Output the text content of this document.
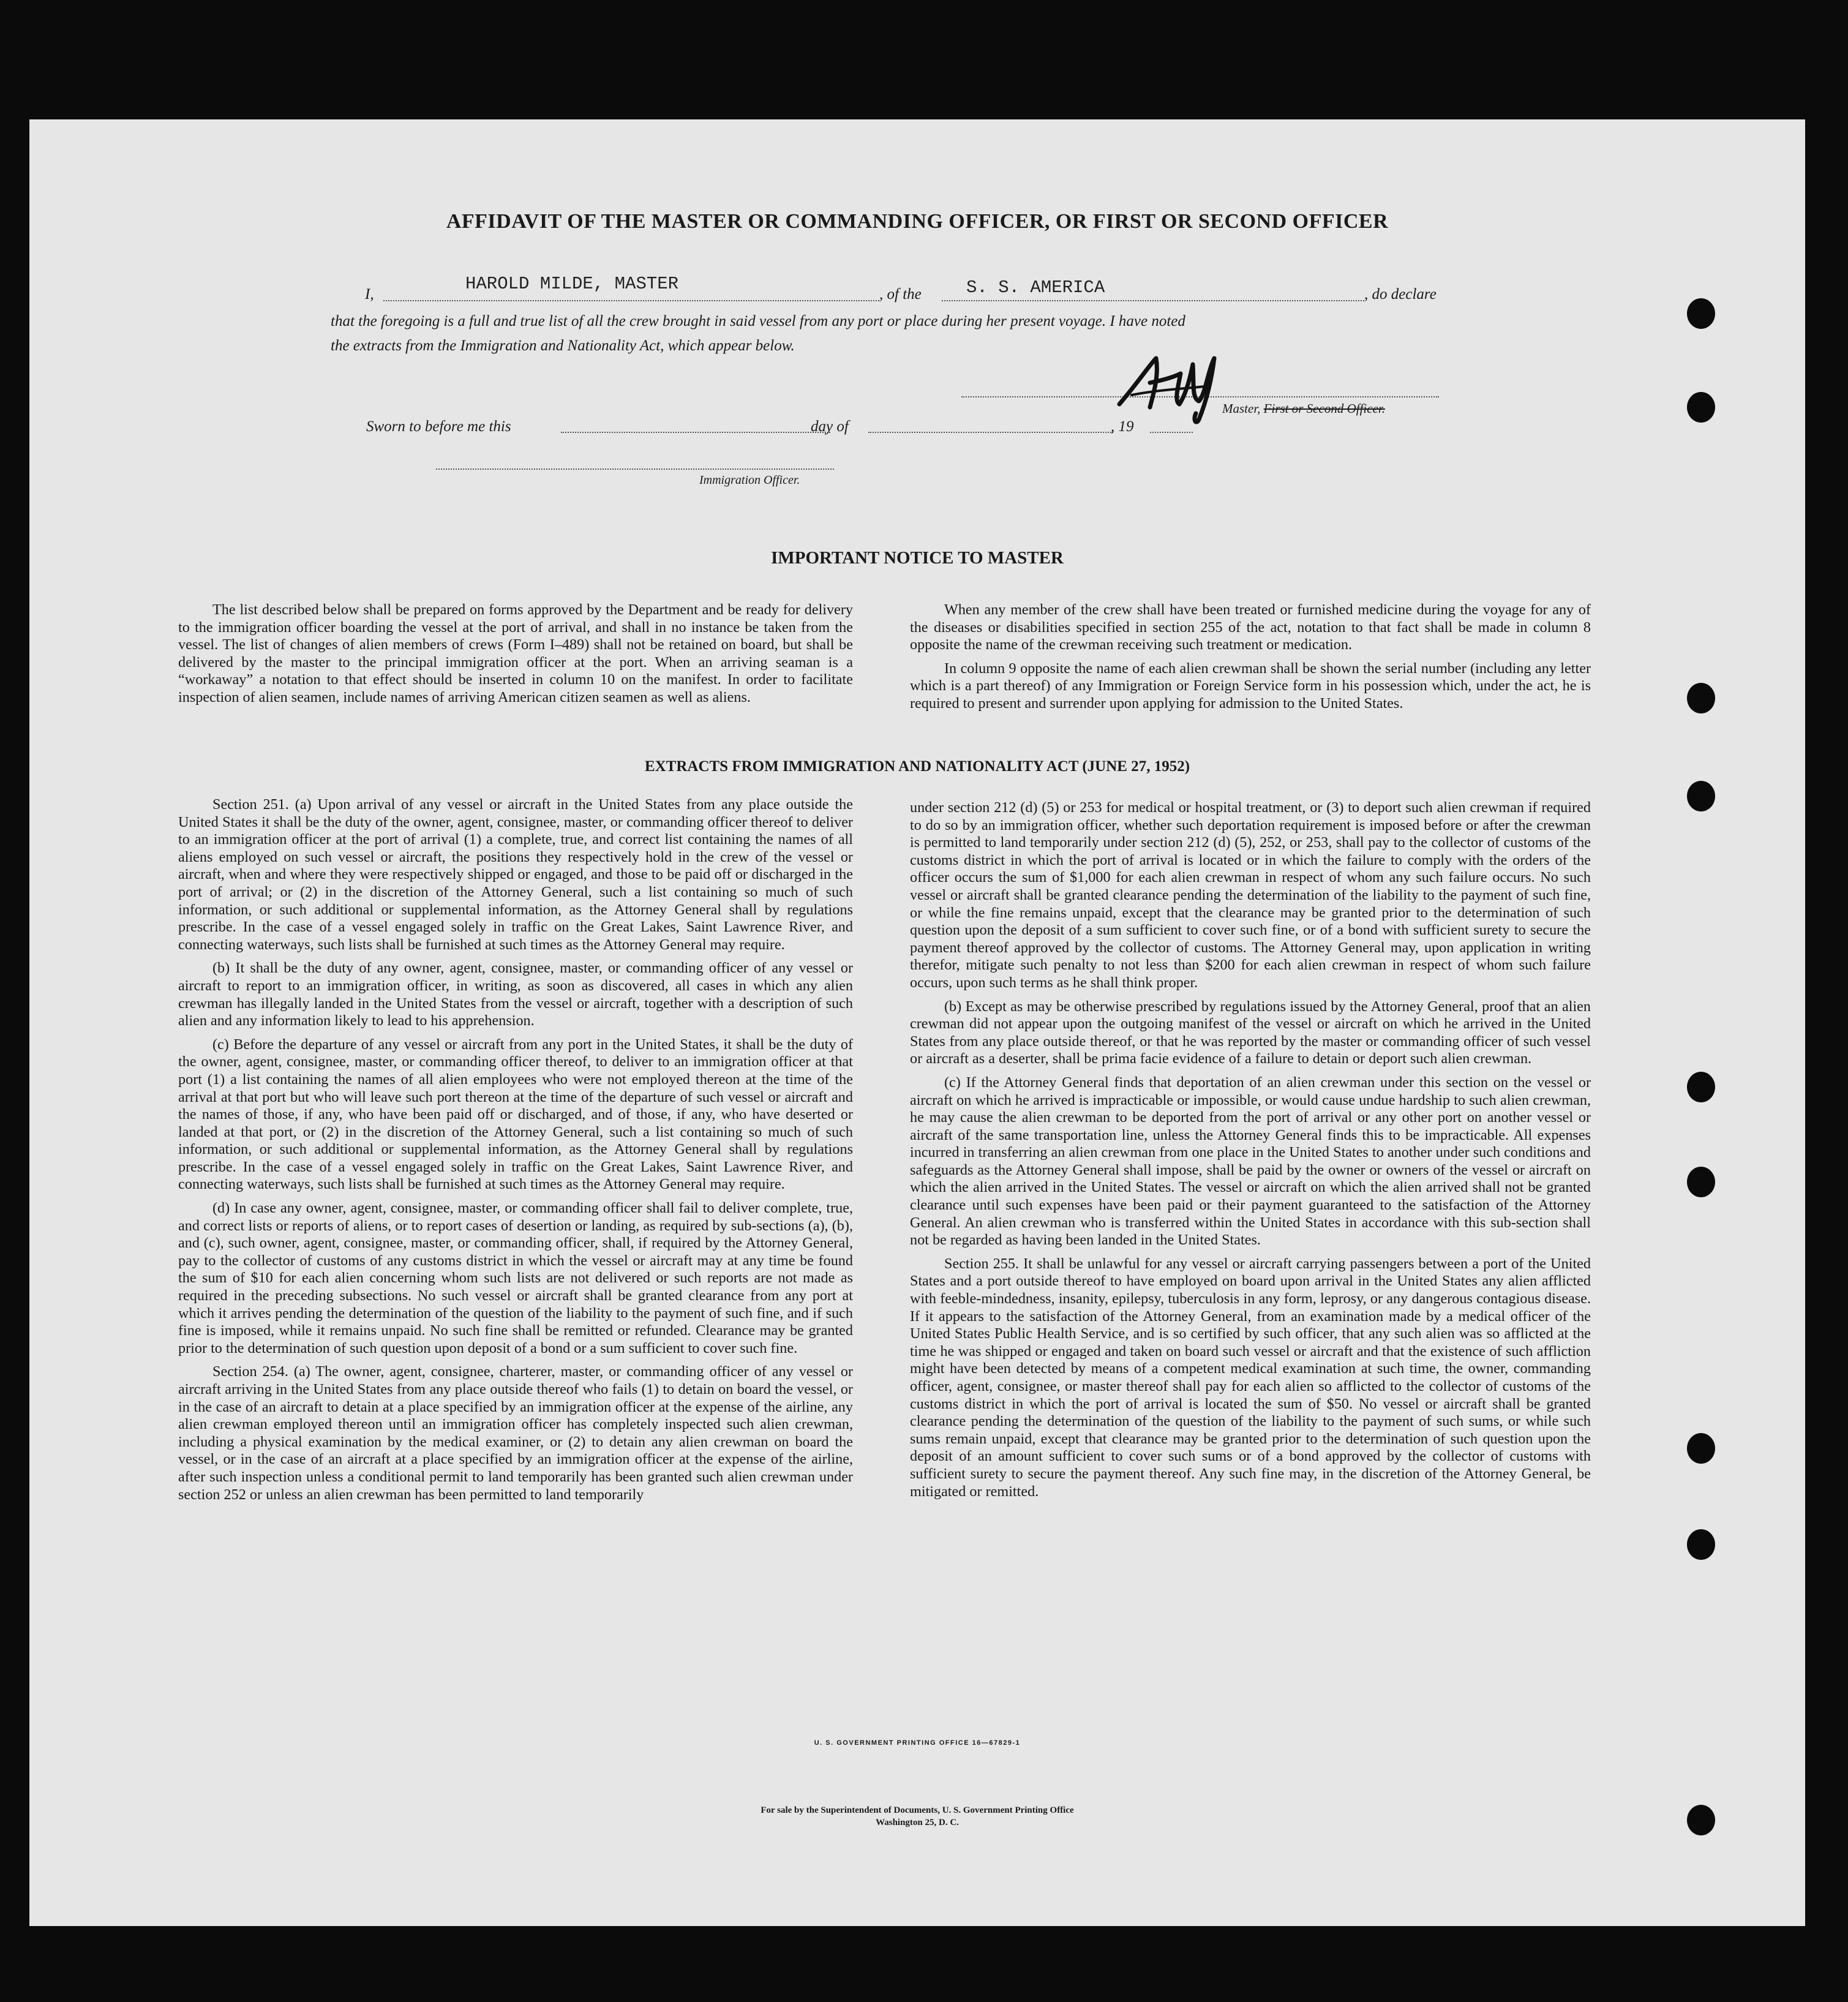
AFFIDAVIT OF THE MASTER OR COMMANDING OFFICER, OR FIRST OR SECOND OFFICER
I,
HAROLD MILDE, MASTER
, of the	S. S. AMERICA	, do declare
that the foregoing is a full and true list of all the crew brought in said vessel from any port or place during her present voyage. I have noted
the extracts from the Immigration and Nationality Act, which appear below.
Master, First or Second Officer.
Sworn to before me this	day of	, 19
Immigration Officer.
IMPORTANT NOTICE TO MASTER

The list described below shall be prepared on forms approved by the Department and be ready for delivery to the immigration officer boarding the vessel at the port of arrival, and shall in no instance be taken from the vessel. The list of changes of alien members of crews (Form I–489) shall not be retained on board, but shall be delivered by the master to the principal immigration officer at the port. When an arriving seaman is a “workaway” a notation to that effect should be inserted in column 10 on the manifest. In order to facilitate inspection of alien seamen, include names of arriving American citizen seamen as well as aliens.

When any member of the crew shall have been treated or furnished medicine during the voyage for any of the diseases or disabilities specified in section 255 of the act, notation to that fact shall be made in column 8 opposite the name of the crewman receiving such treatment or medication.

In column 9 opposite the name of each alien crewman shall be shown the serial number (including any letter which is a part thereof) of any Immigration or Foreign Service form in his possession which, under the act, he is required to present and surrender upon applying for admission to the United States.

EXTRACTS FROM IMMIGRATION AND NATIONALITY ACT (JUNE 27, 1952)

Section 251. (a) Upon arrival of any vessel or aircraft in the United States from any place outside the United States it shall be the duty of the owner, agent, consignee, master, or commanding officer thereof to deliver to an immigration officer at the port of arrival (1) a complete, true, and correct list containing the names of all aliens employed on such vessel or aircraft, the positions they respectively hold in the crew of the vessel or aircraft, when and where they were respectively shipped or engaged, and those to be paid off or discharged in the port of arrival; or (2) in the discretion of the Attorney General, such a list containing so much of such information, or such additional or supplemental information, as the Attorney General shall by regulations prescribe. In the case of a vessel engaged solely in traffic on the Great Lakes, Saint Lawrence River, and connecting waterways, such lists shall be furnished at such times as the Attorney General may require.

(b) It shall be the duty of any owner, agent, consignee, master, or commanding officer of any vessel or aircraft to report to an immigration officer, in writing, as soon as discovered, all cases in which any alien crewman has illegally landed in the United States from the vessel or aircraft, together with a description of such alien and any information likely to lead to his apprehension.

(c) Before the departure of any vessel or aircraft from any port in the United States, it shall be the duty of the owner, agent, consignee, master, or commanding officer thereof, to deliver to an immigration officer at that port (1) a list containing the names of all alien employees who were not employed thereon at the time of the arrival at that port but who will leave such port thereon at the time of the departure of such vessel or aircraft and the names of those, if any, who have been paid off or discharged, and of those, if any, who have deserted or landed at that port, or (2) in the discretion of the Attorney General, such a list containing so much of such information, or such additional or supplemental information, as the Attorney General shall by regulations prescribe. In the case of a vessel engaged solely in traffic on the Great Lakes, Saint Lawrence River, and connecting waterways, such lists shall be furnished at such times as the Attorney General may require.

(d) In case any owner, agent, consignee, master, or commanding officer shall fail to deliver complete, true, and correct lists or reports of aliens, or to report cases of desertion or landing, as required by sub-sections (a), (b), and (c), such owner, agent, consignee, master, or commanding officer, shall, if required by the Attorney General, pay to the collector of customs of any customs district in which the vessel or aircraft may at any time be found the sum of $10 for each alien concerning whom such lists are not delivered or such reports are not made as required in the preceding subsections. No such vessel or aircraft shall be granted clearance from any port at which it arrives pending the determination of the question of the liability to the payment of such fine, and if such fine is imposed, while it remains unpaid. No such fine shall be remitted or refunded. Clearance may be granted prior to the determination of such question upon deposit of a bond or a sum sufficient to cover such fine.

Section 254. (a) The owner, agent, consignee, charterer, master, or commanding officer of any vessel or aircraft arriving in the United States from any place outside thereof who fails (1) to detain on board the vessel, or in the case of an aircraft to detain at a place specified by an immigration officer at the expense of the airline, any alien crewman employed thereon until an immigration officer has completely inspected such alien crewman, including a physical examination by the medical examiner, or (2) to detain any alien crewman on board the vessel, or in the case of an aircraft at a place specified by an immigration officer at the expense of the airline, after such inspection unless a conditional permit to land temporarily has been granted such alien crewman under section 252 or unless an alien crewman has been permitted to land temporarily

under section 212 (d) (5) or 253 for medical or hospital treatment, or (3) to deport such alien crewman if required to do so by an immigration officer, whether such deportation requirement is imposed before or after the crewman is permitted to land temporarily under section 212 (d) (5), 252, or 253, shall pay to the collector of customs of the customs district in which the port of arrival is located or in which the failure to comply with the orders of the officer occurs the sum of $1,000 for each alien crewman in respect of whom any such failure occurs. No such vessel or aircraft shall be granted clearance pending the determination of the liability to the payment of such fine, or while the fine remains unpaid, except that the clearance may be granted prior to the determination of such question upon the deposit of a sum sufficient to cover such fine, or of a bond with sufficient surety to secure the payment thereof approved by the collector of customs. The Attorney General may, upon application in writing therefor, mitigate such penalty to not less than $200 for each alien crewman in respect of whom such failure occurs, upon such terms as he shall think proper.

(b) Except as may be otherwise prescribed by regulations issued by the Attorney General, proof that an alien crewman did not appear upon the outgoing manifest of the vessel or aircraft on which he arrived in the United States from any place outside thereof, or that he was reported by the master or commanding officer of such vessel or aircraft as a deserter, shall be prima facie evidence of a failure to detain or deport such alien crewman.

(c) If the Attorney General finds that deportation of an alien crewman under this section on the vessel or aircraft on which he arrived is impracticable or impossible, or would cause undue hardship to such alien crewman, he may cause the alien crewman to be deported from the port of arrival or any other port on another vessel or aircraft of the same transportation line, unless the Attorney General finds this to be impracticable. All expenses incurred in transferring an alien crewman from one place in the United States to another under such conditions and safeguards as the Attorney General shall impose, shall be paid by the owner or owners of the vessel or aircraft on which the alien arrived in the United States. The vessel or aircraft on which the alien arrived shall not be granted clearance until such expenses have been paid or their payment guaranteed to the satisfaction of the Attorney General. An alien crewman who is transferred within the United States in accordance with this sub-section shall not be regarded as having been landed in the United States.

Section 255. It shall be unlawful for any vessel or aircraft carrying passengers between a port of the United States and a port outside thereof to have employed on board upon arrival in the United States any alien afflicted with feeble-mindedness, insanity, epilepsy, tuberculosis in any form, leprosy, or any dangerous contagious disease. If it appears to the satisfaction of the Attorney General, from an examination made by a medical officer of the United States Public Health Service, and is so certified by such officer, that any such alien was so afflicted at the time he was shipped or engaged and taken on board such vessel or aircraft and that the existence of such affliction might have been detected by means of a competent medical examination at such time, the owner, commanding officer, agent, consignee, or master thereof shall pay for each alien so afflicted to the collector of customs of the customs district in which the port of arrival is located the sum of $50. No vessel or aircraft shall be granted clearance pending the determination of the question of the liability to the payment of such sums, or while such sums remain unpaid, except that clearance may be granted prior to the determination of such question upon the deposit of an amount sufficient to cover such sums or of a bond approved by the collector of customs with sufficient surety to secure the payment thereof. Any such fine may, in the discretion of the Attorney General, be mitigated or remitted.

U. S. GOVERNMENT PRINTING OFFICE 16—67829-1
For sale by the Superintendent of Documents, U. S. Government Printing Office
Washington 25, D. C.
